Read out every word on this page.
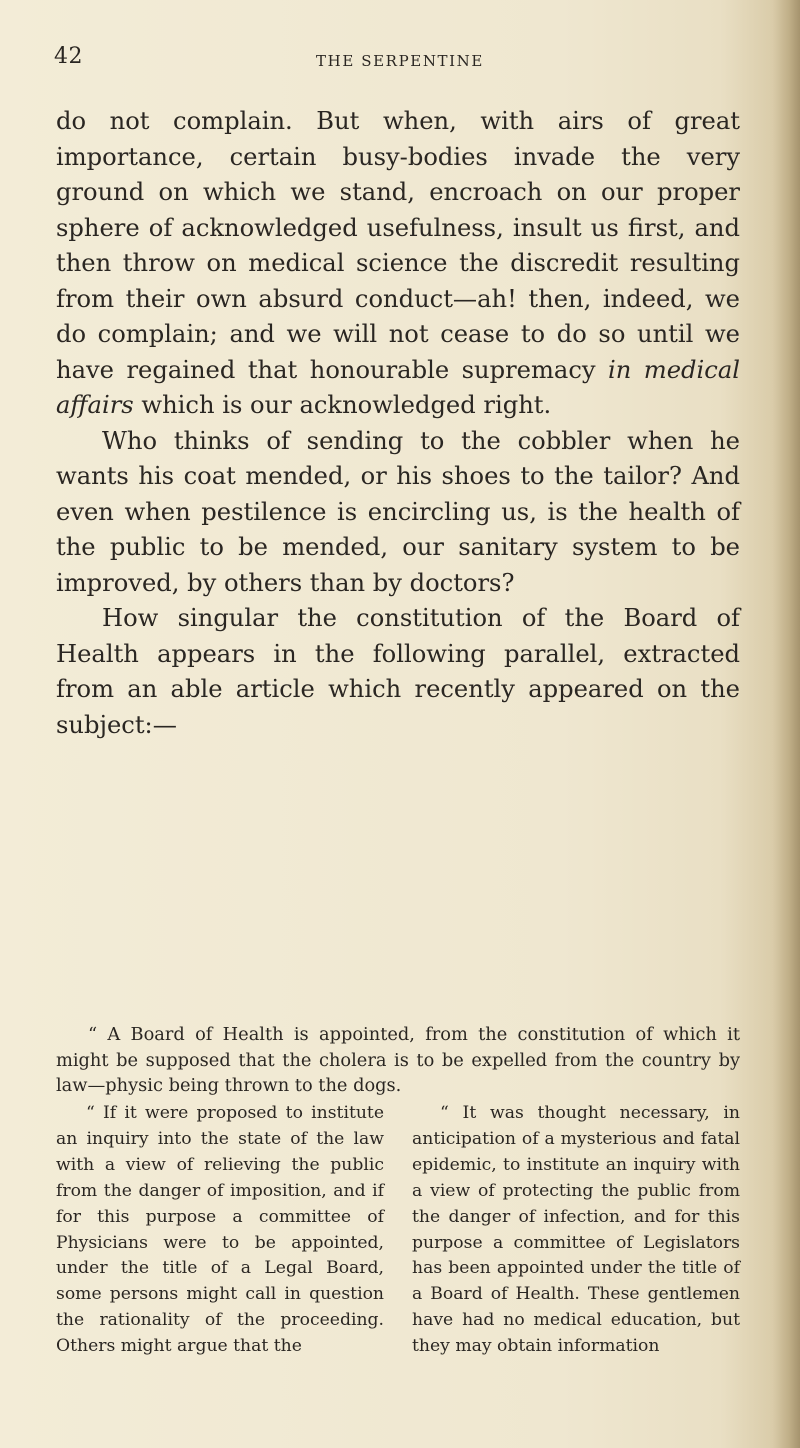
42	THE SERPENTINE

do not complain. But when, with airs of great importance, certain busy-bodies invade the very ground on which we stand, encroach on our proper sphere of acknowledged usefulness, insult us first, and then throw on medical science the discredit resulting from their own absurd conduct—ah! then, indeed, we do complain; and we will not cease to do so until we have regained that honourable supremacy in medical affairs which is our acknowledged right.

Who thinks of sending to the cobbler when he wants his coat mended, or his shoes to the tailor? And even when pestilence is encircling us, is the health of the public to be mended, our sanitary system to be improved, by others than by doctors?

How singular the constitution of the Board of Health appears in the following parallel, extracted from an able article which recently appeared on the subject:—

“ A Board of Health is appointed, from the constitution of which it might be supposed that the cholera is to be expelled from the country by law—physic being thrown to the dogs.

“ If it were proposed to institute an inquiry into the state of the law with a view of relieving the public from the danger of imposition, and if for this purpose a committee of Physicians were to be appointed, under the title of a Legal Board, some persons might call in question the rationality of the proceeding. Others might argue that the

“ It was thought necessary, in anticipation of a mysterious and fatal epidemic, to institute an inquiry with a view of protecting the public from the danger of infection, and for this purpose a committee of Legislators has been appointed under the title of a Board of Health. These gentlemen have had no medical education, but they may obtain information
